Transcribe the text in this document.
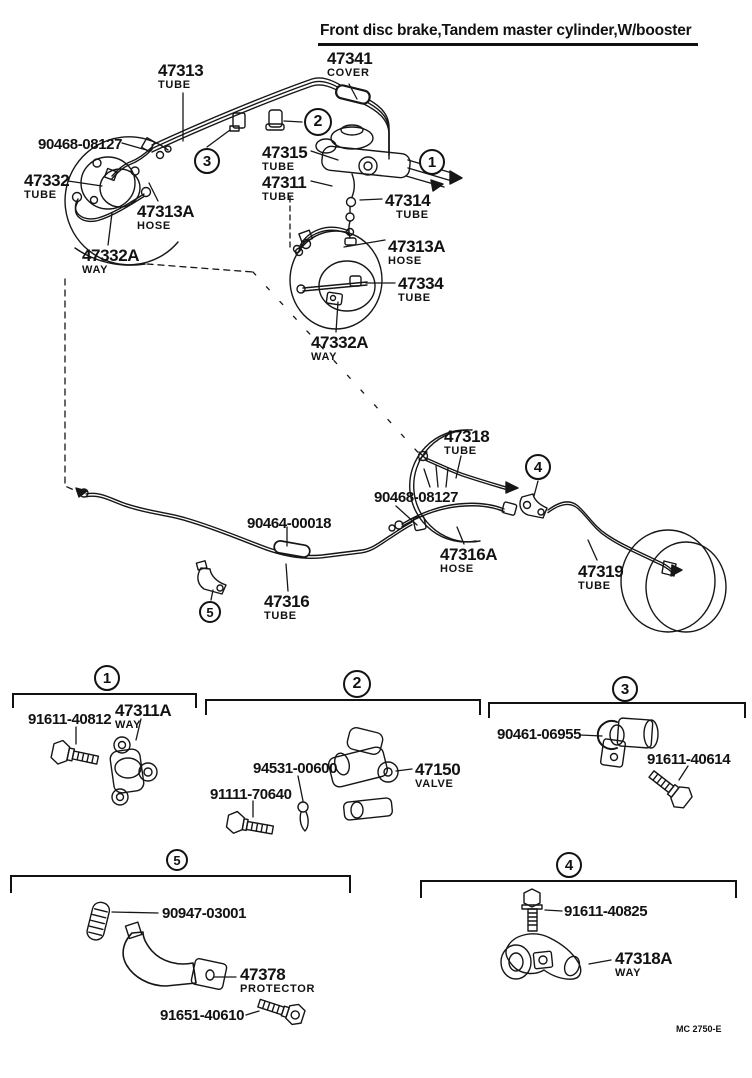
Front disc brake,Tandem master cylinder,W/booster
MC 2750-E
47313
TUBE
47341
COVER
90468-08127
47332
TUBE
47313A
HOSE
47332A
WAY
47315
TUBE
47311
TUBE	47314
TUBE
47313A
HOSE
47334
TUBE
47332A
WAY
47318
TUBE
90468-08127
90464-00018
47316A
HOSE
47316
TUBE
47319
TUBE
1
2
3
4
5
1	2	3
5	4
91611-40812 47311A
WAY
94531-00600
91111-70640
47150
VALVE
90461-06955
91611-40614
90947-03001
47378
PROTECTOR
91651-40610
91611-40825
47318A
WAY
